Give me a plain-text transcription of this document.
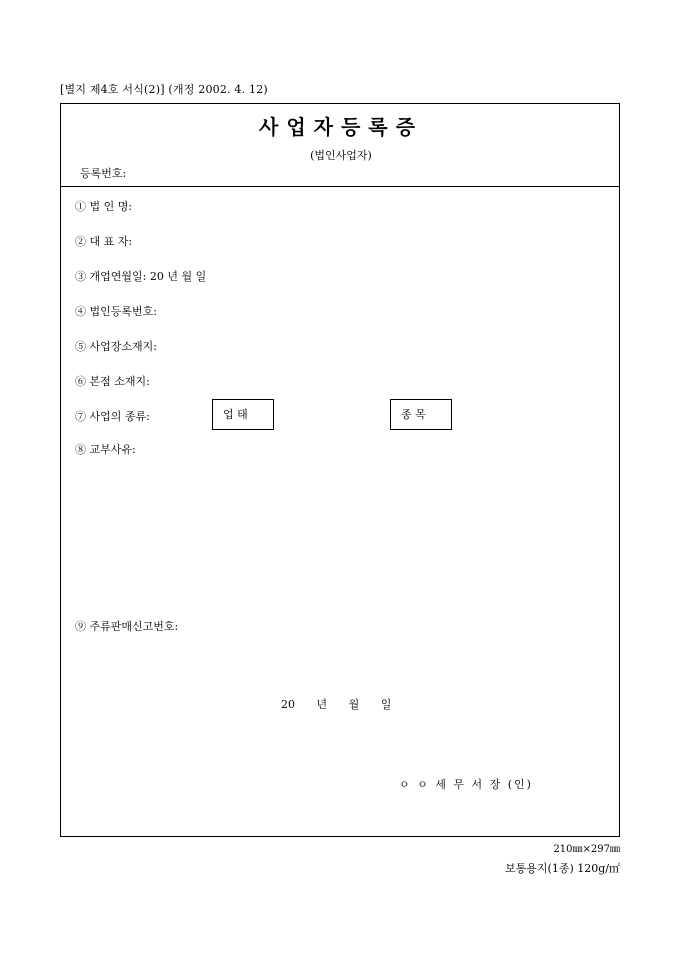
[별지 제4호 서식(2)] (개정 2002. 4. 12)
사업자등록증
(법인사업자)
등록번호:
① 법 인 명:
② 대 표 자:
③ 개업연월일: 20 년 월 일
④ 법인등록번호:
⑤ 사업장소재지:
⑥ 본점 소재지:
⑦ 사업의 종류:	업 태	종 목
⑧ 교부사유:
⑨ 주류판매신고번호:
20 년 월 일
ㅇ ㅇ 세 무 서 장 (인)
210㎜×297㎜
보통용지(1종) 120g/㎡
